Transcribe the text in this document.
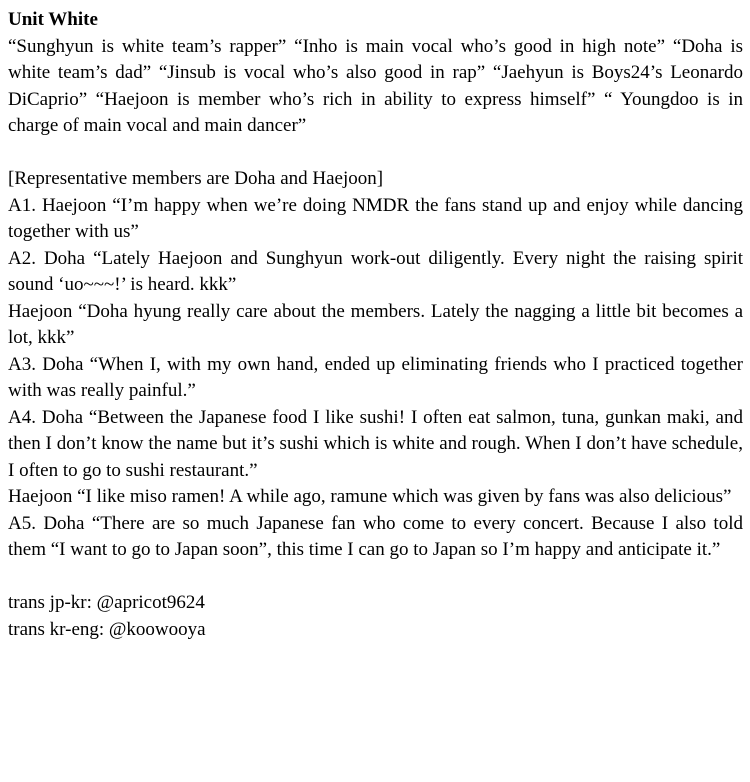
Unit White
“Sunghyun is white team’s rapper” “Inho is main vocal who’s good in high note” “Doha is white team’s dad” “Jinsub is vocal who’s also good in rap” “Jaehyun is Boys24’s Leonardo DiCaprio” “Haejoon is member who’s rich in ability to express himself” “ Youngdoo is in charge of main vocal and main dancer”
[Representative members are Doha and Haejoon]
A1. Haejoon “I’m happy when we’re doing NMDR the fans stand up and enjoy while dancing together with us”
A2. Doha “Lately Haejoon and Sunghyun work-out diligently. Every night the raising spirit sound ‘uo~~~!’ is heard. kkk”
Haejoon “Doha hyung really care about the members. Lately the nagging a little bit becomes a lot, kkk”
A3. Doha “When I, with my own hand, ended up eliminating friends who I practiced together with was really painful.”
A4. Doha “Between the Japanese food I like sushi! I often eat salmon, tuna, gunkan maki, and then I don’t know the name but it’s sushi which is white and rough. When I don’t have schedule, I often to go to sushi restaurant.”
Haejoon “I like miso ramen! A while ago, ramune which was given by fans was also delicious”
A5. Doha “There are so much Japanese fan who come to every concert. Because I also told them “I want to go to Japan soon”, this time I can go to Japan so I’m happy and anticipate it.”
trans jp-kr: @apricot9624
trans kr-eng: @koowooya
